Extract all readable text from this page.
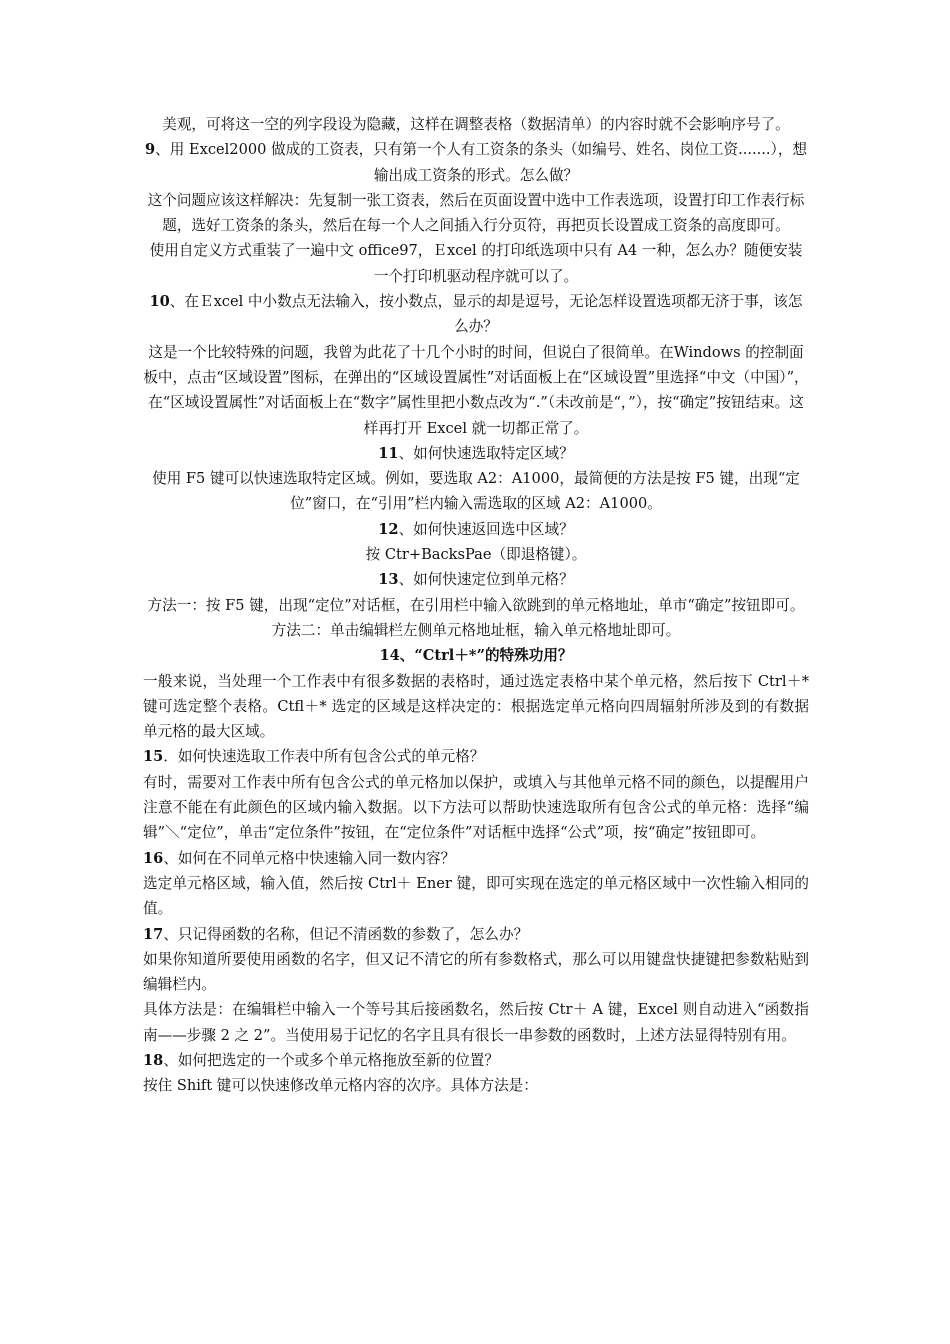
美观，可将这一空的列字段设为隐藏，这样在调整表格（数据清单）的内容时就不会影响序号了。

9、用 Excel2000 做成的工资表，只有第一个人有工资条的条头（如编号、姓名、岗位工资.......），想输出成工资条的形式。怎么做？

这个问题应该这样解决：先复制一张工资表，然后在页面设置中选中工作表选项，设置打印工作表行标题，选好工资条的条头，然后在每一个人之间插入行分页符，再把页长设置成工资条的高度即可。

使用自定义方式重装了一遍中文 office97，Ｅxcel 的打印纸选项中只有 A4 一种，怎么办？随便安装一个打印机驱动程序就可以了。

10、在Ｅxcel 中小数点无法输入，按小数点，显示的却是逗号，无论怎样设置选项都无济于事，该怎么办？

这是一个比较特殊的问题，我曾为此花了十几个小时的时间，但说白了很简单。在Windows 的控制面板中，点击“区域设置”图标，在弹出的“区域设置属性”对话面板上在“区域设置”里选择“中文（中国）”，在“区域设置属性”对话面板上在“数字”属性里把小数点改为“.”（未改前是“，”），按“确定”按钮结束。这样再打开 Excel 就一切都正常了。

11、如何快速选取特定区域？

使用 F5 键可以快速选取特定区域。例如，要选取 A2：A1000，最简便的方法是按 F5 键，出现“定位”窗口，在“引用”栏内输入需选取的区域 A2：A1000。

12、如何快速返回选中区域？

按 Ctr+BacksPae（即退格键）。

13、如何快速定位到单元格？

方法一：按 F5 键，出现“定位”对话框，在引用栏中输入欲跳到的单元格地址，单市“确定”按钮即可。

方法二：单击编辑栏左侧单元格地址框，输入单元格地址即可。

14、“Ctrl＋*”的特殊功用？

一般来说，当处理一个工作表中有很多数据的表格时，通过选定表格中某个单元格，然后按下 Ctrl＋* 键可选定整个表格。Ctfl＋* 选定的区域是这样决定的：根据选定单元格向四周辐射所涉及到的有数据单元格的最大区域。

15．如何快速选取工作表中所有包含公式的单元格？

有时，需要对工作表中所有包含公式的单元格加以保护，或填入与其他单元格不同的颜色，以提醒用户注意不能在有此颜色的区域内输入数据。以下方法可以帮助快速选取所有包含公式的单元格：选择“编辑”＼“定位”，单击“定位条件”按钮，在“定位条件”对话框中选择“公式”项，按“确定”按钮即可。

16、如何在不同单元格中快速输入同一数内容？

选定单元格区域，输入值，然后按 Ctrl＋ Ener 键，即可实现在选定的单元格区域中一次性输入相同的值。

17、只记得函数的名称，但记不清函数的参数了，怎么办？

如果你知道所要使用函数的名字，但又记不清它的所有参数格式，那么可以用键盘快捷键把参数粘贴到编辑栏内。

具体方法是：在编辑栏中输入一个等号其后接函数名，然后按 Ctr＋ A 键，Excel 则自动进入“函数指南——步骤 2 之 2”。当使用易于记忆的名字且具有很长一串参数的函数时，上述方法显得特别有用。

18、如何把选定的一个或多个单元格拖放至新的位置？

按住 Shift 键可以快速修改单元格内容的次序。具体方法是：
